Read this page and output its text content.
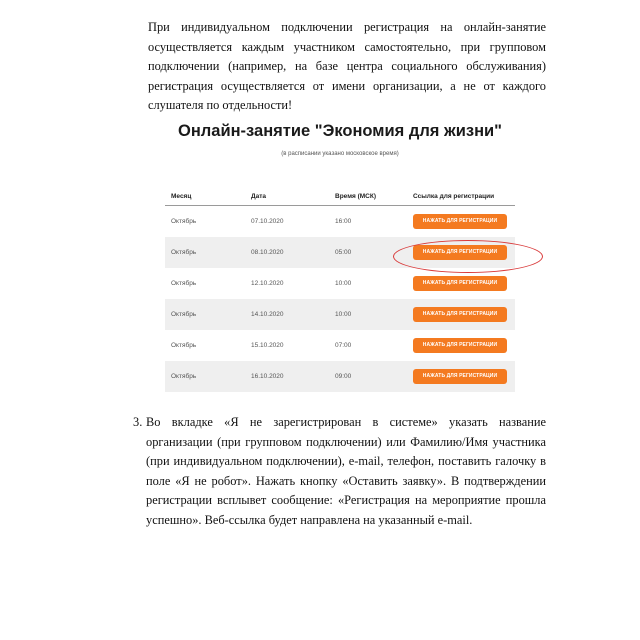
При индивидуальном подключении регистрация на онлайн-занятие осуществляется каждым участником самостоятельно, при групповом подключении (например, на базе центра социального обслуживания) регистрация осуществляется от имени организации, а не от каждого слушателя по отдельности!
Онлайн-занятие "Экономия для жизни"
(в расписании указано московское время)
Месяц	Дата	Время (МСК)	Ссылка для регистрации
Октябрь	07.10.2020	16:00	НАЖАТЬ ДЛЯ РЕГИСТРАЦИИ
Октябрь	08.10.2020	05:00	НАЖАТЬ ДЛЯ РЕГИСТРАЦИИ
Октябрь	12.10.2020	10:00	НАЖАТЬ ДЛЯ РЕГИСТРАЦИИ
Октябрь	14.10.2020	10:00	НАЖАТЬ ДЛЯ РЕГИСТРАЦИИ
Октябрь	15.10.2020	07:00	НАЖАТЬ ДЛЯ РЕГИСТРАЦИИ
Октябрь	16.10.2020	09:00	НАЖАТЬ ДЛЯ РЕГИСТРАЦИИ
3. Во вкладке «Я не зарегистрирован в системе» указать название организации (при групповом подключении) или Фамилию/Имя участника (при индивидуальном подключении), e-mail, телефон, поставить галочку в поле «Я не робот». Нажать кнопку «Оставить заявку». В подтверждении регистрации всплывет сообщение: «Регистрация на мероприятие прошла успешно». Веб-ссылка будет направлена на указанный e-mail.
